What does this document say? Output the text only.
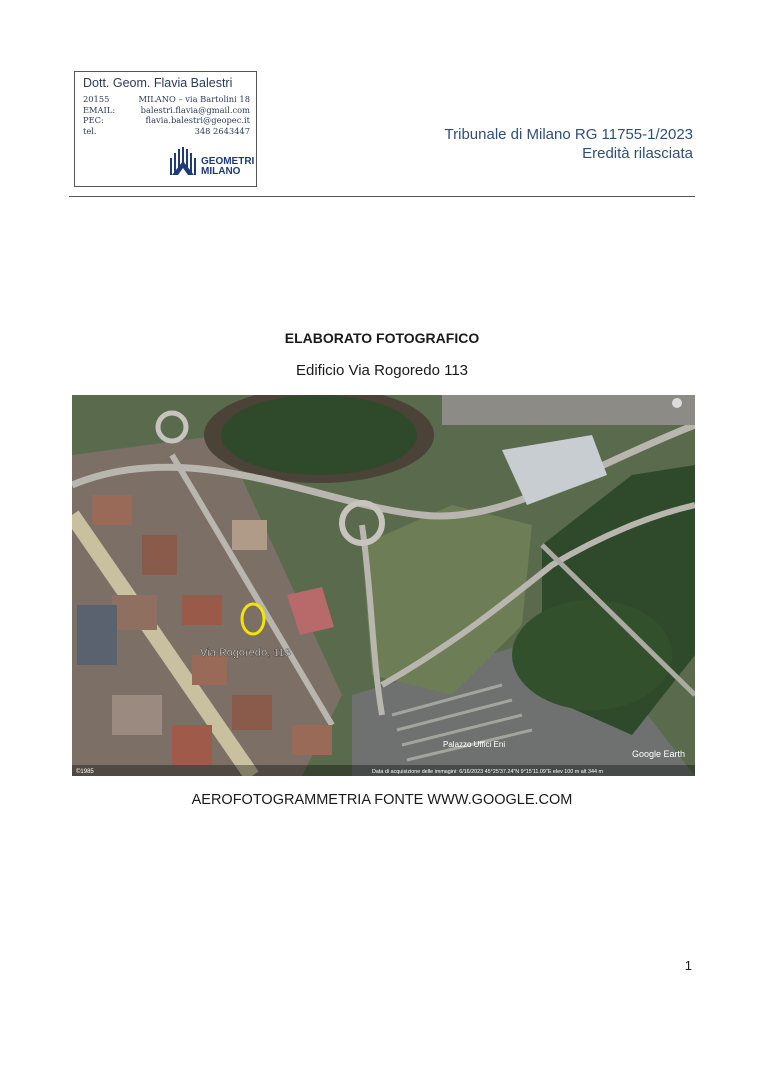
Dott. Geom. Flavia Balestri
20155	MILANO – via Bartolini 18
EMAIL:	balestri.flavia@gmail.com
PEC:	flavia.balestri@geopec.it
tel.	348 2643447
GEOMETRI
MILANO
Tribunale di Milano RG 11755-1/2023
Eredità rilasciata
ELABORATO FOTOGRAFICO
Edificio Via Rogoredo 113
Via Rogoredo, 113
Palazzo Uffici Eni
©1985	Data di acquisizione delle immagini: 6/16/2023 45°25'37.24"N 9°15'11.09"E elev 100 m alt 344 m
Google Earth
AEROFOTOGRAMMETRIA FONTE WWW.GOOGLE.COM
1
